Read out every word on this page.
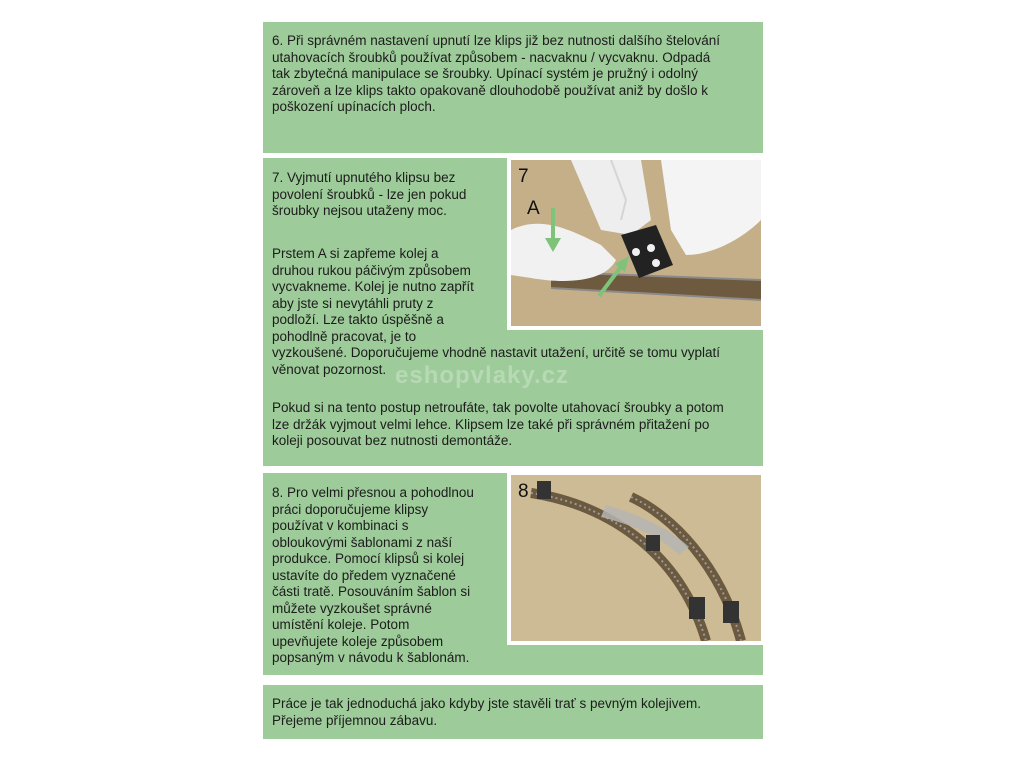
6. Při správném nastavení upnutí lze klips již bez nutnosti dalšího štelování
utahovacích šroubků používat způsobem - nacvaknu / vycvaknu. Odpadá
tak zbytečná manipulace se šroubky. Upínací systém je pružný i odolný
zároveň a lze klips takto opakovaně dlouhodobě používat aniž by došlo k
poškození upínacích ploch.
7. Vyjmutí upnutého klipsu bez
povolení šroubků - lze jen pokud
šroubky nejsou utaženy moc.
Prstem A si zapřeme kolej a
druhou rukou páčivým způsobem
vycvakneme. Kolej je nutno zapřít
aby jste si nevytáhli pruty z
podloží. Lze takto úspěšně a
pohodlně pracovat, je to
vyzkoušené. Doporučujeme vhodně nastavit utažení, určitě se tomu vyplatí
věnovat pozornost.
Pokud si na tento postup netroufáte, tak povolte utahovací šroubky a potom
lze držák vyjmout velmi lehce. Klipsem lze také při správném přitažení po
koleji posouvat bez nutnosti demontáže.
7
A
eshopvlaky.cz
8. Pro velmi přesnou a pohodlnou
práci doporučujeme klipsy
používat v kombinaci s
obloukovými šablonami z naší
produkce. Pomocí klipsů si kolej
ustavíte do předem vyznačené
části tratě. Posouváním šablon si
můžete vyzkoušet správné
umístění koleje. Potom
upevňujete koleje způsobem
popsaným v návodu k šablonám.
8
Práce je tak jednoduchá jako kdyby jste stavěli trať s pevným kolejivem.
Přejeme příjemnou zábavu.
